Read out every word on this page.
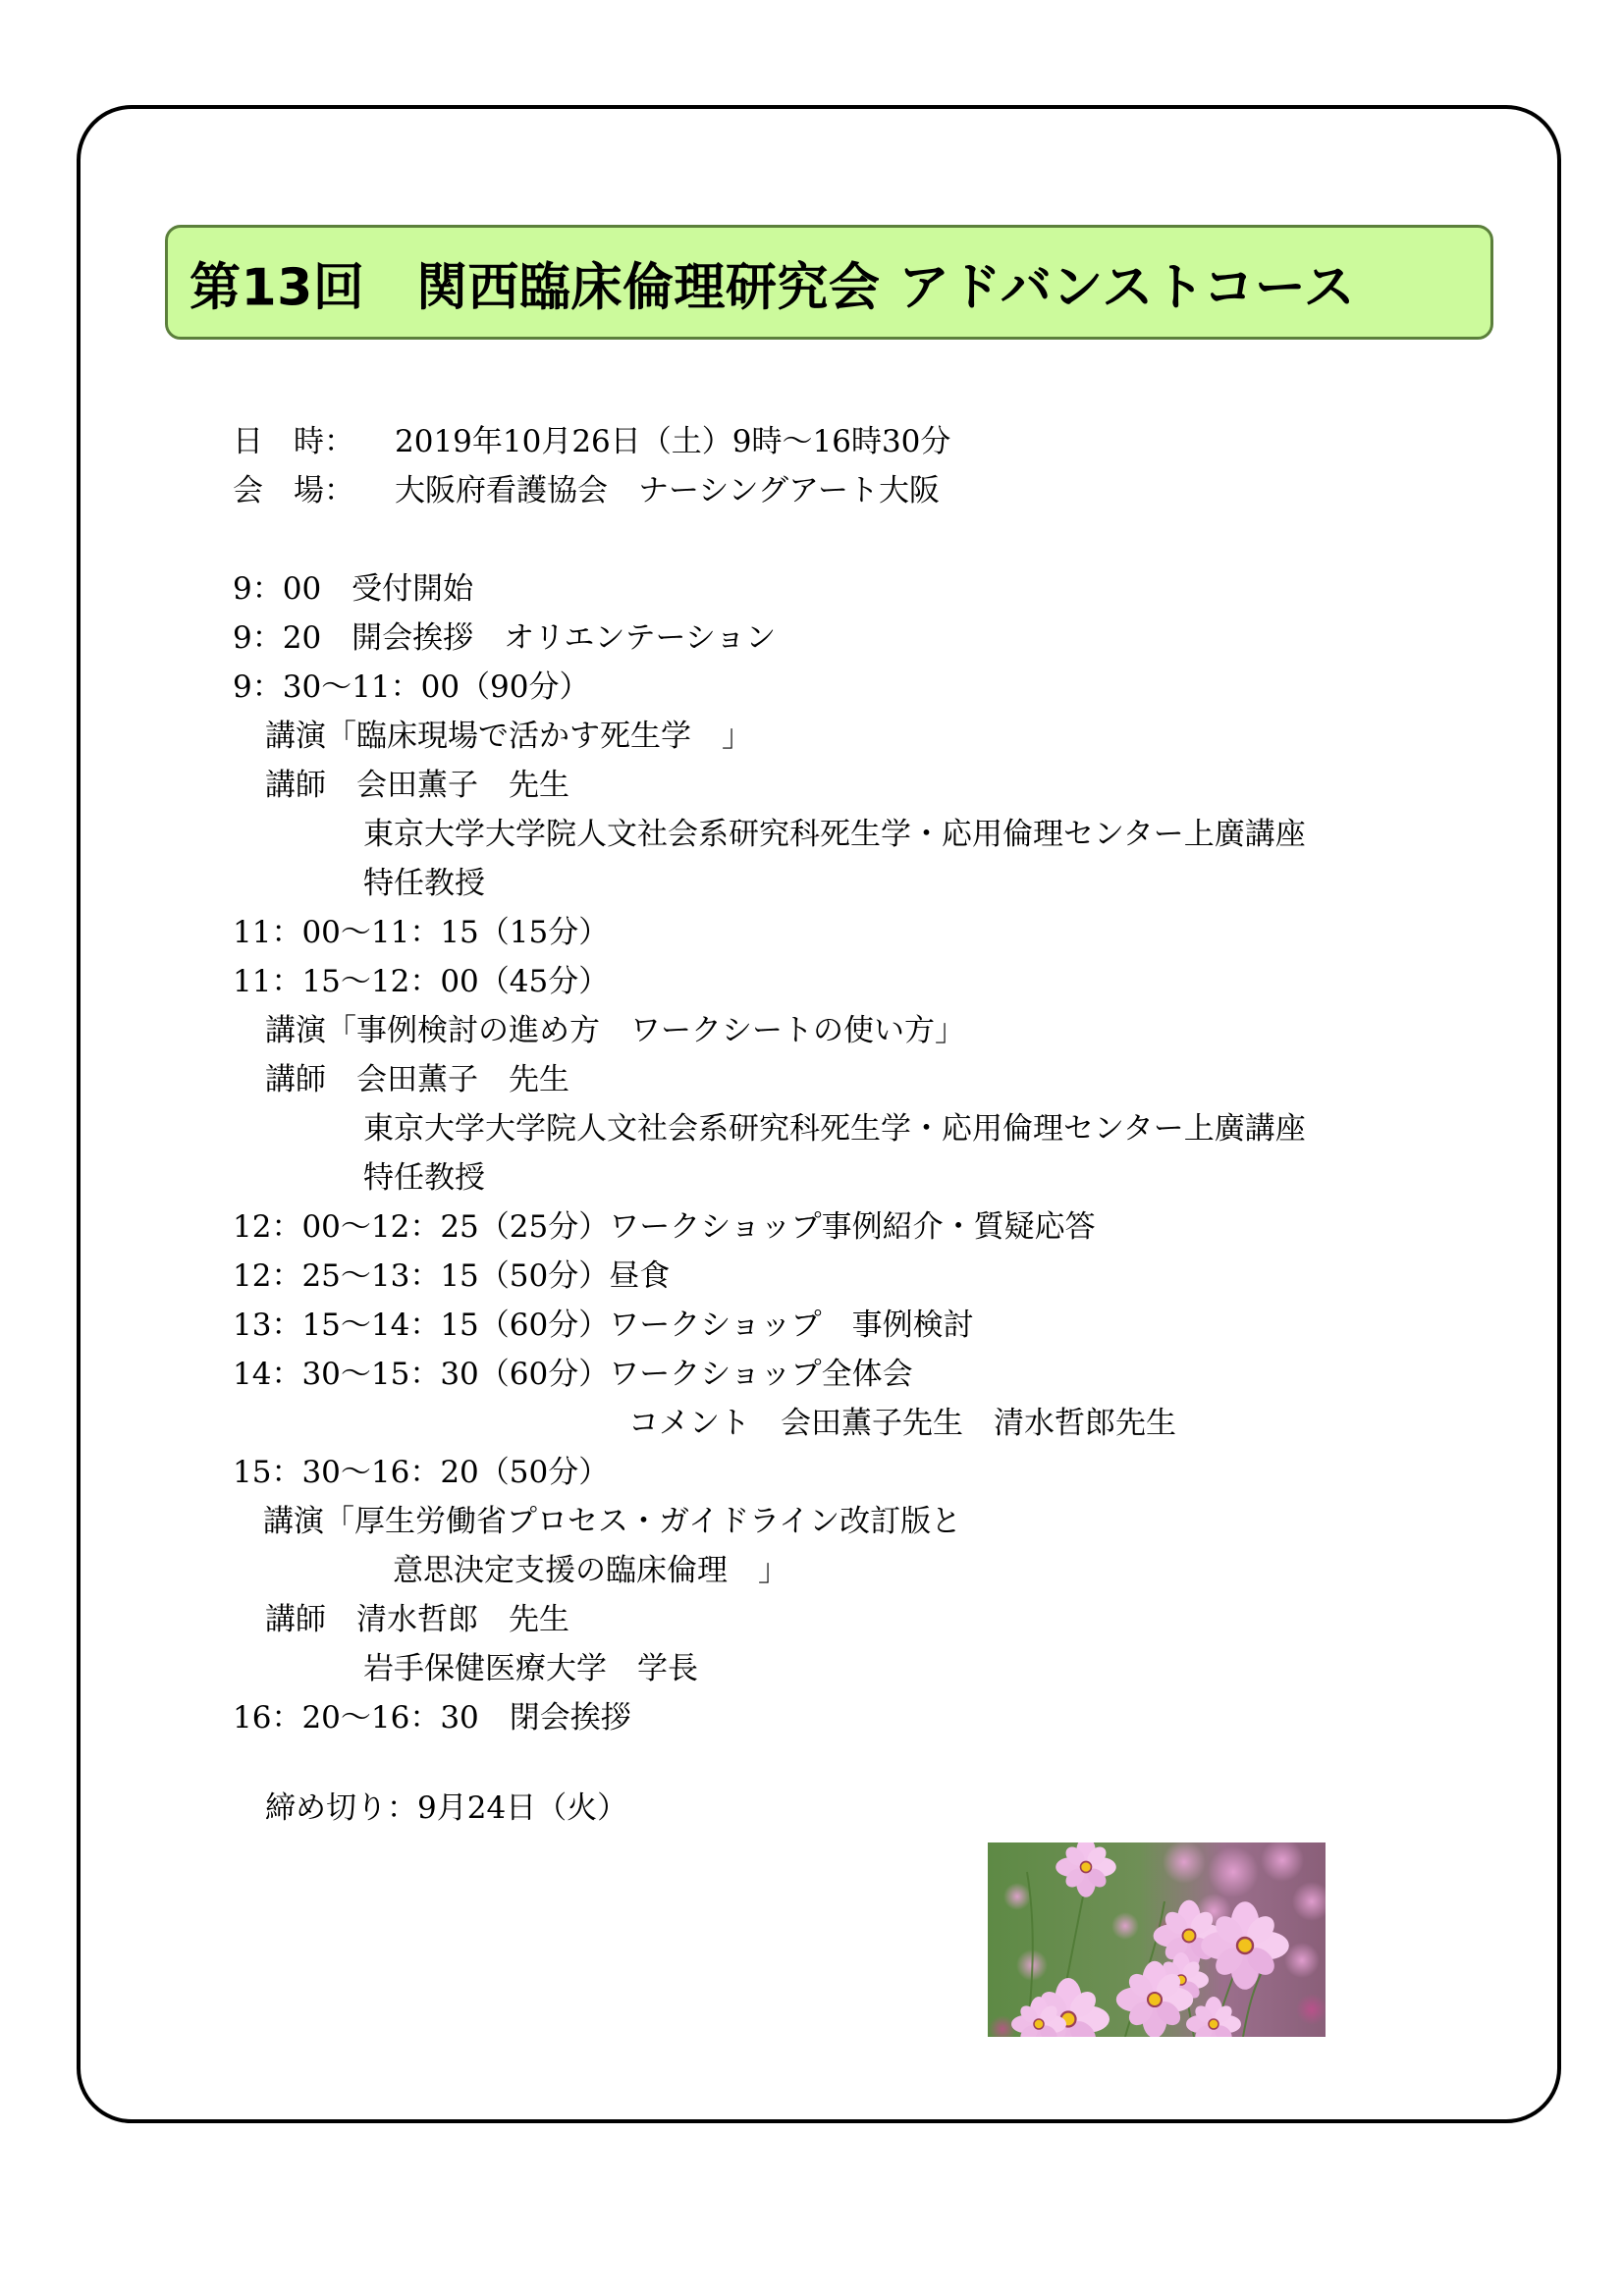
第13回　関西臨床倫理研究会 アドバンストコース
日　時： 2019年10月26日（土）9時～16時30分
会　場： 大阪府看護協会　ナーシングアート大阪
9：00　受付開始
9：20　開会挨拶　オリエンテーション
9：30～11：00（90分）
講演「臨床現場で活かす死生学　」
講師　会田薫子　先生
東京大学大学院人文社会系研究科死生学・応用倫理センター上廣講座
特任教授
11：00～11：15（15分）
11：15～12：00（45分）
講演「事例検討の進め方　ワークシートの使い方」
講師　会田薫子　先生
東京大学大学院人文社会系研究科死生学・応用倫理センター上廣講座
特任教授
12：00～12：25（25分）ワークショップ事例紹介・質疑応答
12：25～13：15（50分）昼食
13：15～14：15（60分）ワークショップ　事例検討
14：30～15：30（60分）ワークショップ全体会
コメント　会田薫子先生　清水哲郎先生
15：30～16：20（50分）
講演「厚生労働省プロセス・ガイドライン改訂版と
意思決定支援の臨床倫理　」
講師　清水哲郎　先生
岩手保健医療大学　学長
16：20～16：30　閉会挨拶
締め切り：9月24日（火）
